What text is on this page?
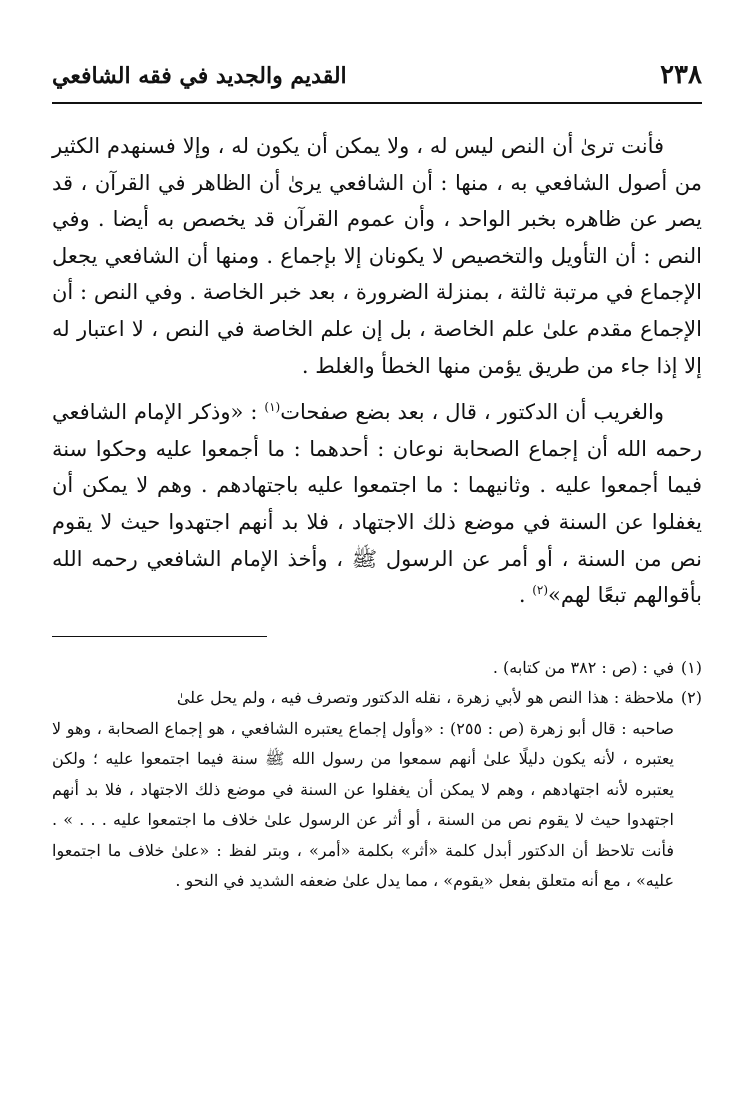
٢٣٨
القديم والجديد في فقه الشافعي

فأنت ترىٰ أن النص ليس له ، ولا يمكن أن يكون له ، وإلا فسنهدم الكثير من أصول الشافعي به ، منها : أن الشافعي يرىٰ أن الظاهر في القرآن ، قد يصر عن ظاهره بخبر الواحد ، وأن عموم القرآن قد يخصص به أيضا . وفي النص : أن التأويل والتخصيص لا يكونان إلا بإجماع . ومنها أن الشافعي يجعل الإجماع في مرتبة ثالثة ، بمنزلة الضرورة ، بعد خبر الخاصة . وفي النص : أن الإجماع مقدم علىٰ علم الخاصة ، بل إن علم الخاصة في النص ، لا اعتبار له إلا إذا جاء من طريق يؤمن منها الخطأ والغلط .

والغريب أن الدكتور ، قال ، بعد بضع صفحات$^{(١)}$ : «وذكر الإمام الشافعي رحمه الله أن إجماع الصحابة نوعان : أحدهما : ما أجمعوا عليه وحكوا سنة فيما أجمعوا عليه . وثانيهما : ما اجتمعوا عليه باجتهادهم . وهم لا يمكن أن يغفلوا عن السنة في موضع ذلك الاجتهاد ، فلا بد أنهم اجتهدوا حيث لا يقوم نص من السنة ، أو أمر عن الرسول ﷺ ، وأخذ الإمام الشافعي رحمه الله بأقوالهم تبعًا لهم»$^{(٢)}$ .

(١)في : (ص : ٣٨٢ من كتابه) .

(٢)ملاحظة : هذا النص هو لأبي زهرة ، نقله الدكتور وتصرف فيه ، ولم يحل علىٰ

صاحبه : قال أبو زهرة (ص : ٢٥٥) : «وأول إجماع يعتبره الشافعي ، هو إجماع الصحابة ، وهو لا يعتبره ، لأنه يكون دليلًا علىٰ أنهم سمعوا من رسول الله ﷺ سنة فيما اجتمعوا عليه ؛ ولكن يعتبره لأنه اجتهادهم ، وهم لا يمكن أن يغفلوا عن السنة في موضع ذلك الاجتهاد ، فلا بد أنهم اجتهدوا حيث لا يقوم نص من السنة ، أو أثر عن الرسول علىٰ خلاف ما اجتمعوا عليه . . . » . فأنت تلاحظ أن الدكتور أبدل كلمة «أثر» بكلمة «أمر» ، وبتر لفظ : «علىٰ خلاف ما اجتمعوا عليه» ، مع أنه متعلق بفعل «يقوم» ، مما يدل علىٰ ضعفه الشديد في النحو .
